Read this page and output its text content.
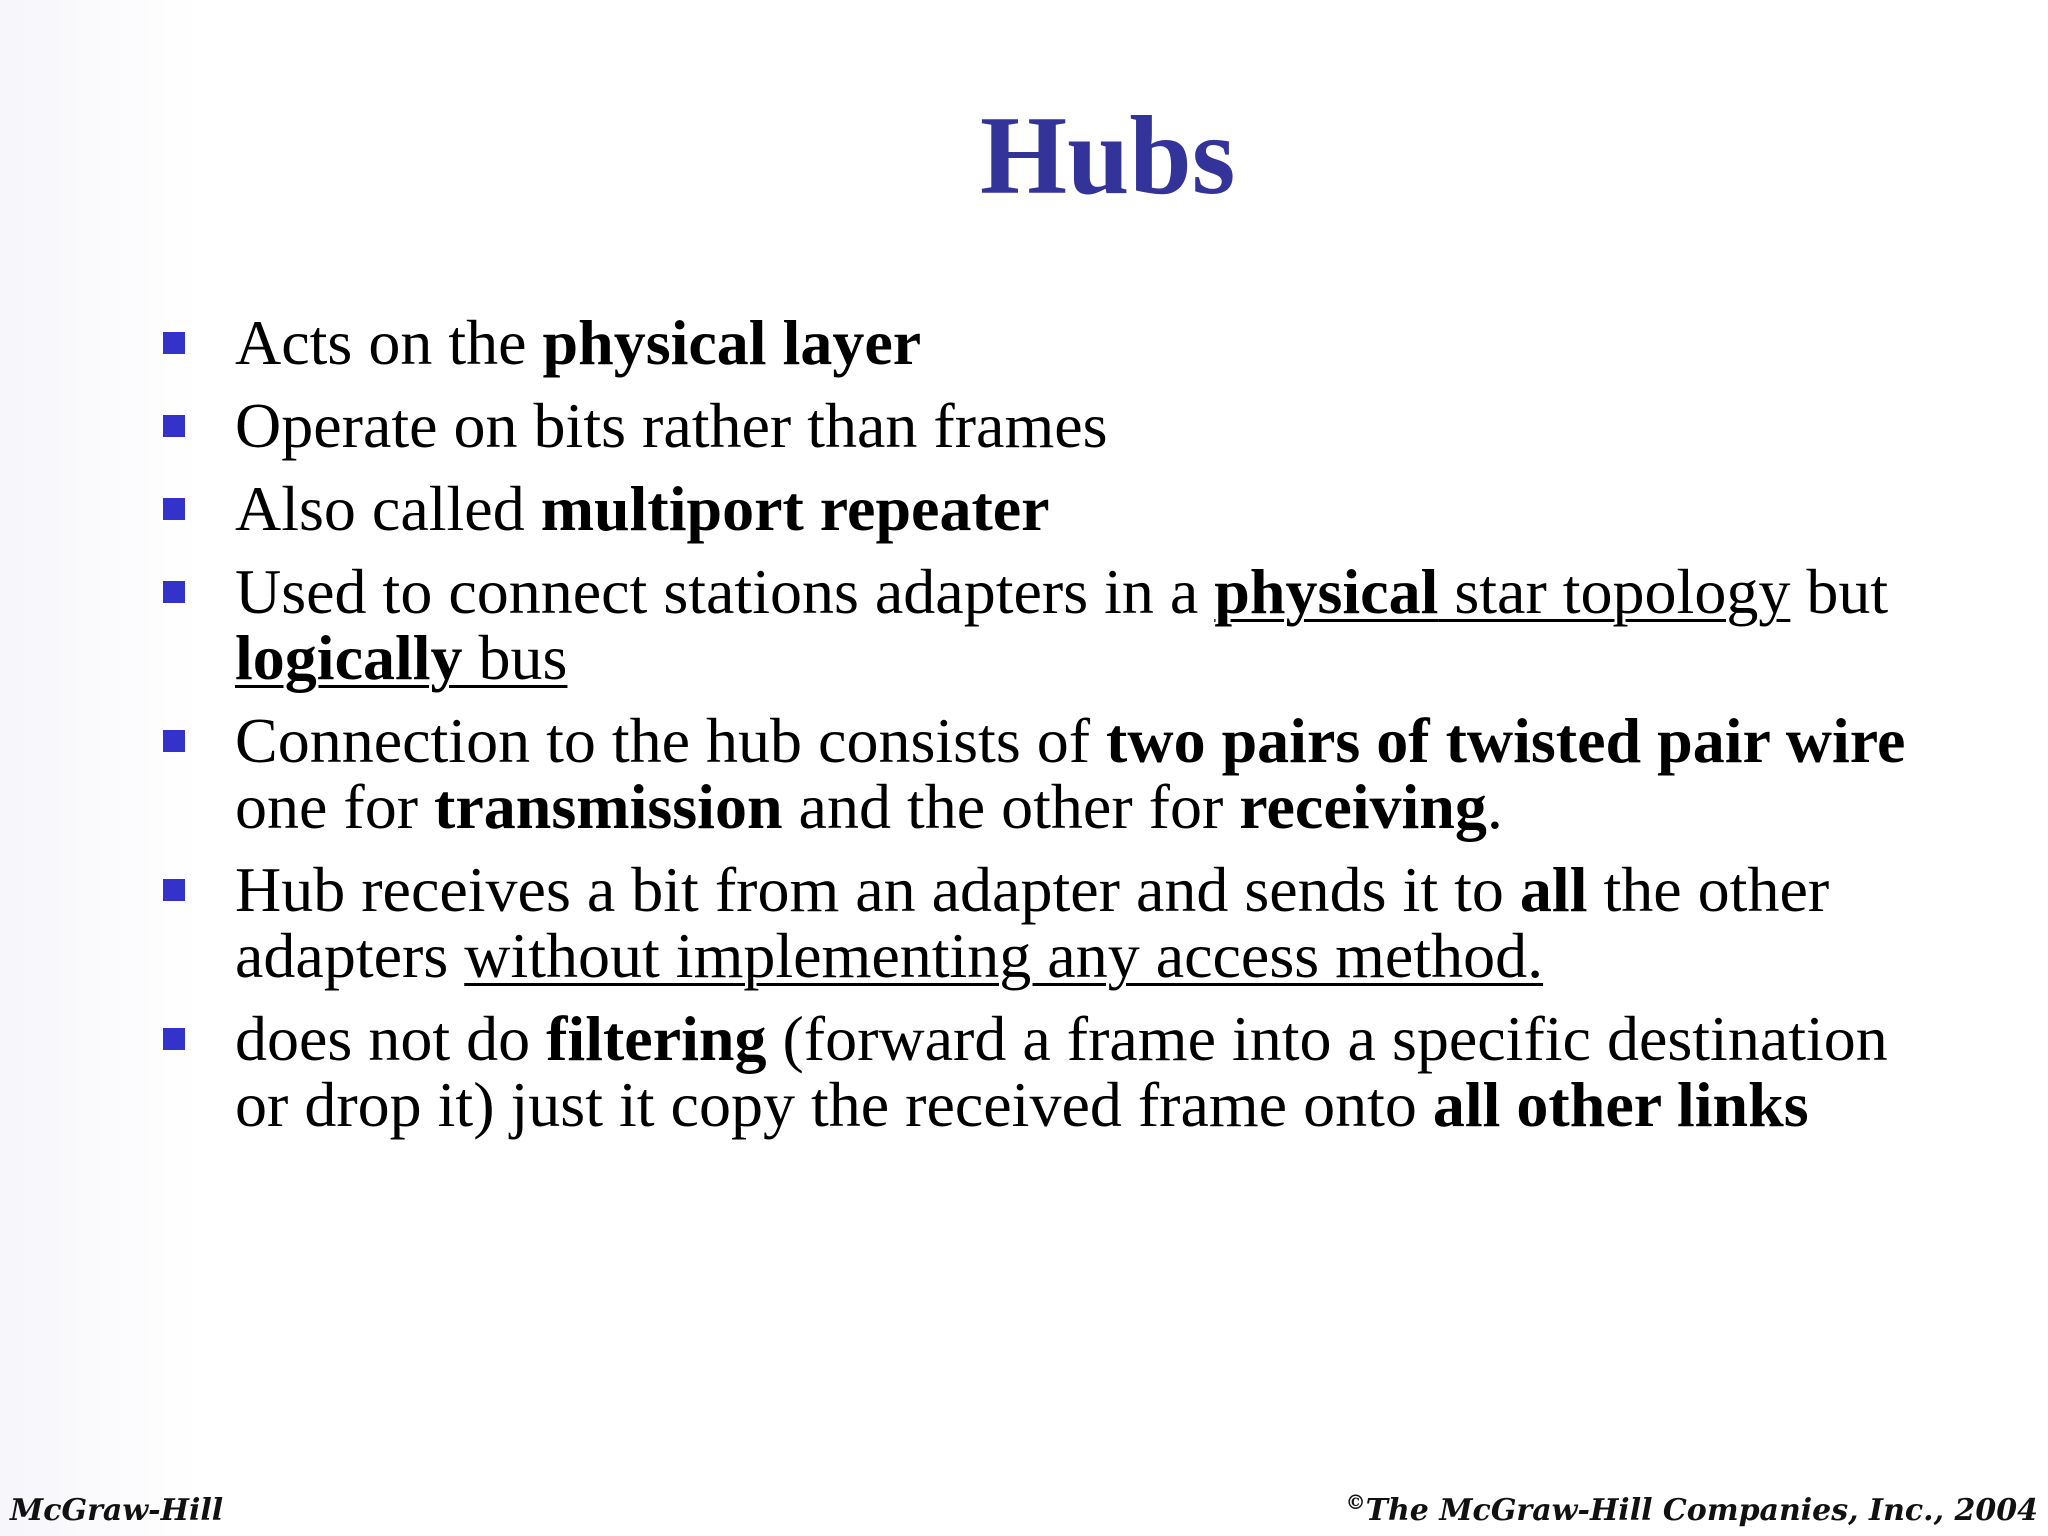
Hubs
Acts on the physical layer
Operate on bits rather than frames
Also called multiport repeater
Used to connect stations adapters in a physical star topology but logically bus
Connection to the hub consists of two pairs of twisted pair wire one for transmission and the other for receiving.
Hub receives a bit from an adapter and sends it to all the other adapters without implementing any access method.
does not do filtering (forward a frame into a specific destination or drop it) just it copy the received frame onto all other links
McGraw-Hill	©The McGraw-Hill Companies, Inc., 2004
